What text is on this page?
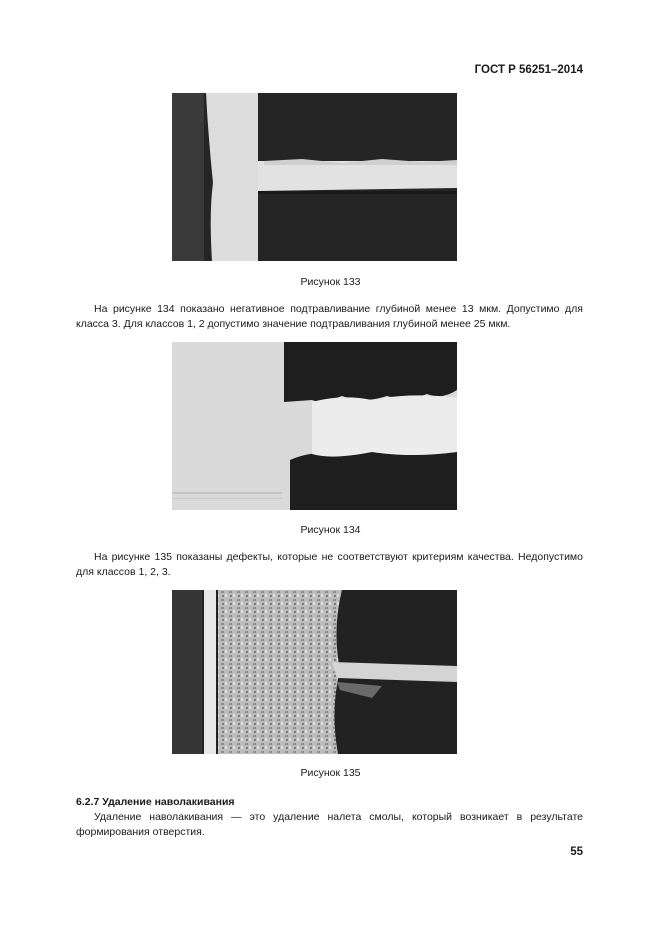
ГОСТ Р 56251–2014
Рисунок 133
На рисунке 134 показано негативное подтравливание глубиной менее 13 мкм. Допустимо для класса 3. Для классов 1, 2 допустимо значение подтравливания глубиной менее 25 мкм.
Рисунок 134
На рисунке 135 показаны дефекты, которые не соответствуют критериям качества. Недопустимо для классов 1, 2, 3.
Рисунок 135
6.2.7 Удаление наволакивания
Удаление наволакивания — это удаление налета смолы, который возникает в результате формирования отверстия.
55
